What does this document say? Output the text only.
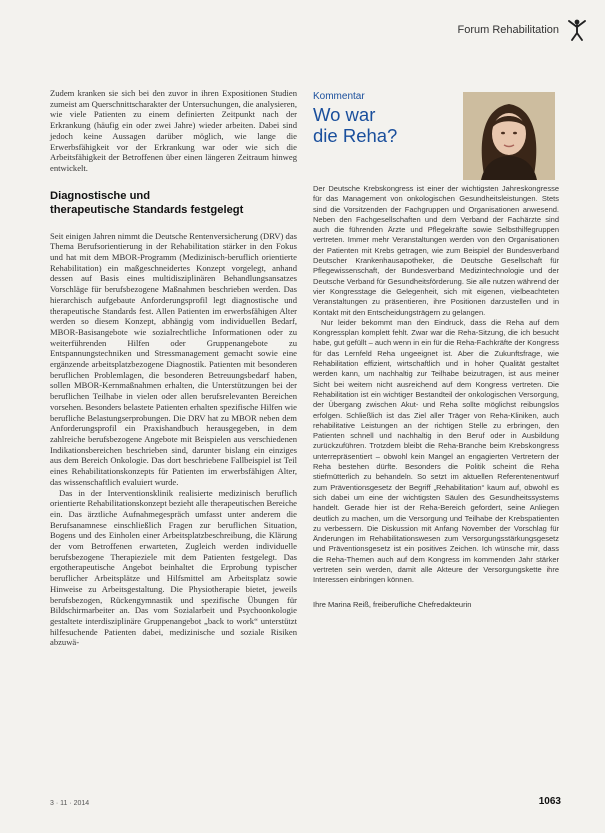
Forum Rehabilitation

Zudem kranken sie sich bei den zuvor in ihren Expositionen Studien zumeist am Querschnittscharakter der Untersuchungen, die analysieren, wie viele Patienten zu einem definierten Zeitpunkt nach der Erkrankung (häufig ein oder zwei Jahre) wieder arbeiten. Dabei sind jedoch keine Aussagen darüber möglich, wie lange die Erwerbsfähigkeit vor der Erkrankung war oder wie sich die Arbeitsfähigkeit der Betroffenen über einen längeren Zeitraum hinweg entwickelt.

Diagnostische und
therapeutische Standards festgelegt

Seit einigen Jahren nimmt die Deutsche Rentenversicherung (DRV) das Thema Berufsorientierung in der Rehabilitation stärker in den Fokus und hat mit dem MBOR-Programm (Medizinisch-beruflich orientierte Rehabilitation) ein maßgeschneidertes Konzept vorgelegt, anhand dessen auf Basis eines multidisziplinären Behandlungsansatzes Vorschläge für berufsbezogene Maßnahmen beschrieben werden. Das hierarchisch aufgebaute Anforderungsprofil legt diagnostische und therapeutische Standards fest. Allen Patienten im erwerbsfähigen Alter werden so diesem Konzept, abhängig vom individuellen Bedarf, MBOR-Basisangebote wie sozialrechtliche Informationen oder zu weiterführenden Hilfen oder Gruppenangebote zu Entspannungstechniken und Stressmanagement gemacht sowie eine ergänzende arbeitsplatzbezogene Diagnostik. Patienten mit besonderen beruflichen Problemlagen, die besonderen Betreuungsbedarf haben, sollen MBOR-Kernmaßnahmen erhalten, die Unterstützungen bei der beruflichen Teilhabe in vielen oder allen berufsrelevanten Bereichen vorsehen. Besonders belastete Patienten erhalten spezifische Hilfen wie berufliche Belastungserprobungen. Die DRV hat zu MBOR neben dem Anforderungsprofil ein Praxishandbuch herausgegeben, in dem zahlreiche berufsbezogene Angebote mit Beispielen aus verschiedenen Indikationsbereichen beschrieben sind, darunter bislang ein einziges aus dem Bereich Onkologie. Das dort beschriebene Fallbeispiel ist Teil eines Rehabilitationskonzepts für Patienten im erwerbsfähigen Alter, das wissenschaftlich evaluiert wurde.

Das in der Interventionsklinik realisierte medizinisch beruflich orientierte Rehabilitationskonzept bezieht alle therapeutischen Bereiche ein. Das ärztliche Aufnahmegespräch umfasst unter anderem die Berufsanamnese einschließlich Fragen zur beruflichen Situation, Bogens und des Einholen einer Arbeitsplatzbeschreibung, die Klärung der vom Betroffenen erwarteten, Zugleich werden individuelle berufsbezogene Therapieziele mit dem Patienten festgelegt. Das ergotherapeutische Angebot beinhaltet die Erprobung typischer beruflicher Arbeitsplätze und Hilfsmittel am Arbeitsplatz sowie Hinweise zu Arbeitsgestaltung. Die Physiotherapie bietet, jeweils berufsbezogen, Rückengymnastik und spezifische Übungen für Bildschirmarbeiter an. Das vom Sozialarbeit und Psychoonkologie gestaltete interdisziplinäre Gruppenangebot „back to work“ unterstützt hilfesuchende Patienten dabei, medizinische und soziale Risiken abzuwä-

Kommentar
Wo war
die Reha?

Der Deutsche Krebskongress ist einer der wichtigsten Jahreskongresse für das Management von onkologischen Gesundheitsleistungen. Stets sind die Vorsitzenden der Fachgruppen und Organisationen anwesend. Neben den Fachgesellschaften und dem Verband der Fachärzte sind auch die führenden Ärzte und Pflegekräfte sowie Selbsthilfegruppen vertreten. Immer mehr Veranstaltungen werden von den Organisationen der Patienten mit Krebs getragen, wie zum Beispiel der Bundesverband Deutscher Krankenhausapotheker, die Deutsche Gesellschaft für Pflegewissenschaft, der Bundesverband Medizintechnologie und der Deutsche Verband für Gesundheitsförderung. Sie alle nutzen während der vier Kongresstage die Gelegenheit, sich mit eigenen, vielbeachteten Veranstaltungen zu präsentieren, ihre Positionen darzustellen und in Kontakt mit den Entscheidungsträgern zu gelangen.

Nur leider bekommt man den Eindruck, dass die Reha auf dem Kongressplan komplett fehlt. Zwar war die Reha-Sitzung, die ich besucht habe, gut gefüllt – auch wenn in ein für die Reha-Fachkräfte der Kongress für das Lernfeld Reha ungeeignet ist. Aber die Zukunftsfrage, wie Rehabilitation effizient, wirtschaftlich und in hoher Qualität gestaltet werden kann, um nachhaltig zur Teilhabe beizutragen, ist aus meiner Sicht bei weitem nicht ausreichend auf dem Kongress vertreten. Die Rehabilitation ist ein wichtiger Bestandteil der onkologischen Versorgung, der Übergang zwischen Akut- und Reha sollte möglichst reibungslos erfolgen. Schließlich ist das Ziel aller Träger von Reha-Kliniken, auch rehabilitative Leistungen an der richtigen Stelle zu erbringen, den Patienten schnell und nachhaltig in den Beruf oder in Ausbildung zurückzuführen. Trotzdem bleibt die Reha-Branche beim Krebskongress unterrepräsentiert – obwohl kein Mangel an engagierten Vertretern der Reha bestehen dürfte. Besonders die Politik scheint die Reha stiefmütterlich zu behandeln. So setzt im aktuellen Referentenentwurf zum Präventionsgesetz der Begriff „Rehabilitation“ kaum auf, obwohl es sich dabei um eine der wichtigsten Säulen des Gesundheitssystems handelt. Gerade hier ist der Reha-Bereich gefordert, seine Anliegen deutlich zu machen, um die Versorgung und Teilhabe der Krebspatienten zu verbessern. Die Diskussion mit Anfang November der Vorschlag für Änderungen im Rehabilitationswesen zum Versorgungsstärkungsgesetz und Präventionsgesetz ist ein positives Zeichen. Ich wünsche mir, dass die Reha-Themen auch auf dem Kongress im kommenden Jahr stärker vertreten sein werden, damit alle Akteure der Versorgungskette ihre Interessen einbringen können.

Ihre Marina Reiß, freiberufliche Chefredakteurin
3 · 11 · 2014	1063
